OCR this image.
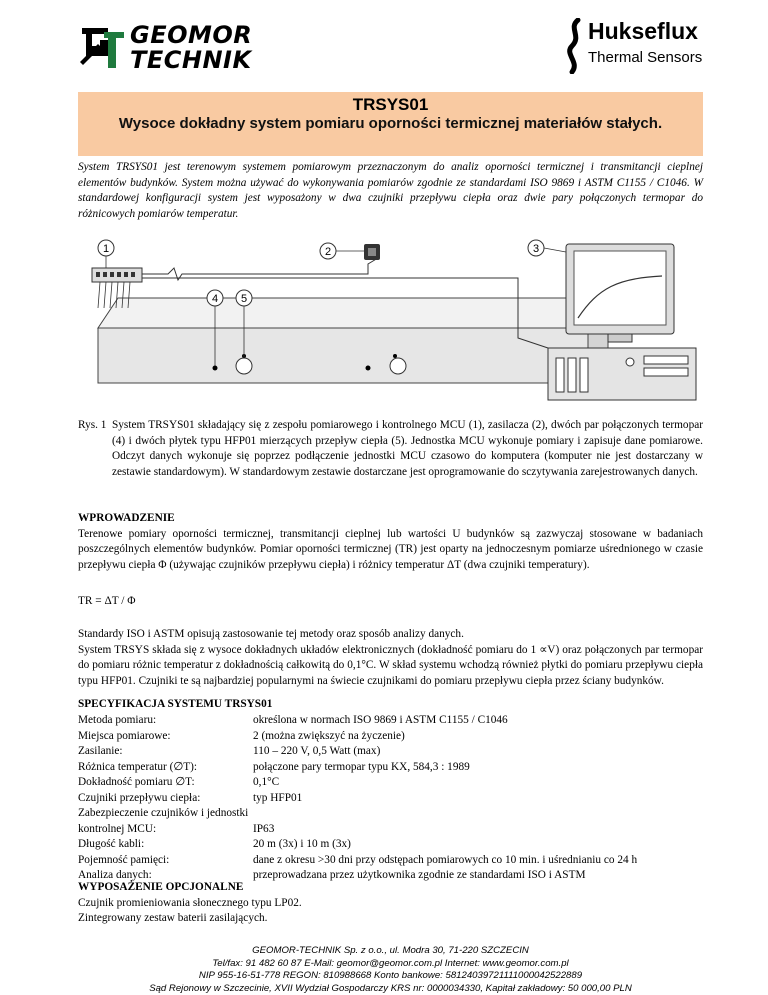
GEOMOR
TECHNIK
Hukseflux
Thermal Sensors
TRSYS01
Wysoce dokładny system pomiaru oporności termicznej materiałów stałych.
System TRSYS01 jest terenowym systemem pomiarowym przeznaczonym do analiz oporności termicznej i transmitancji cieplnej elementów budynków. System można używać do wykonywania pomiarów zgodnie ze standardami ISO 9869 i ASTM C1155 / C1046. W standardowej konfiguracji system jest wyposażony w dwa czujniki przepływu ciepła oraz dwie pary połączonych termopar do różnicowych pomiarów temperatur.
1	2	3
4 5
Rys. 1 System TRSYS01 składający się z zespołu pomiarowego i kontrolnego MCU (1), zasilacza (2), dwóch par połączonych termopar (4) i dwóch płytek typu HFP01 mierzących przepływ ciepła (5). Jednostka MCU wykonuje pomiary i zapisuje dane pomiarowe. Odczyt danych wykonuje się poprzez podłączenie jednostki MCU czasowo do komputera (komputer nie jest dostarczany w zestawie standardowym). W standardowym zestawie dostarczane jest oprogramowanie do sczytywania zarejestrowanych danych.
WPROWADZENIE

Terenowe pomiary oporności termicznej, transmitancji cieplnej lub wartości U budynków są zazwyczaj stosowane w badaniach poszczególnych elementów budynków. Pomiar oporności termicznej (TR) jest oparty na jednoczesnym pomiarze uśrednionego w czasie przepływu ciepła Φ (używając czujników przepływu ciepła) i różnicy temperatur ΔT (dwa czujniki temperatury).

TR = ΔT / Φ

Standardy ISO i ASTM opisują zastosowanie tej metody oraz sposób analizy danych.

System TRSYS składa się z wysoce dokładnych układów elektronicznych (dokładność pomiaru do 1 ∝V) oraz połączonych par termopar do pomiaru różnic temperatur z dokładnością całkowitą do 0,1°C. W skład systemu wchodzą również płytki do pomiaru przepływu ciepła typu HFP01. Czujniki te są najbardziej popularnymi na świecie czujnikami do pomiaru przepływu ciepła przez ściany budynków.

SPECYFIKACJA SYSTEMU TRSYS01
Metoda pomiaru:	określona w normach ISO 9869 i ASTM C1155 / C1046
Miejsca pomiarowe:	2 (można zwiększyć na życzenie)
Zasilanie:	110 – 220 V, 0,5 Watt (max)
Różnica temperatur (∅T):	połączone pary termopar typu KX, 584,3 : 1989
Dokładność pomiaru ∅T:	0,1°C
Czujniki przepływu ciepła:	typ HFP01
Zabezpieczenie czujników i jednostki kontrolnej MCU:	IP63
Długość kabli:	20 m (3x) i 10 m (3x)
Pojemność pamięci:	dane z okresu >30 dni przy odstępach pomiarowych co 10 min. i uśrednianiu co 24 h
Analiza danych:	przeprowadzana przez użytkownika zgodnie ze standardami ISO i ASTM
WYPOSAŻENIE OPCJONALNE

Czujnik promieniowania słonecznego typu LP02.

Zintegrowany zestaw baterii zasilających.

GEOMOR-TECHNIK Sp. z o.o., ul. Modra 30, 71-220 SZCZECIN
Tel/fax: 91 482 60 87 E-Mail: geomor@geomor.com.pl Internet: www.geomor.com.pl
NIP 955-16-51-778 REGON: 810988668 Konto bankowe: 58124039721111000042522889
Sąd Rejonowy w Szczecinie, XVII Wydział Gospodarczy KRS nr: 0000034330, Kapitał zakładowy: 50 000,00 PLN
